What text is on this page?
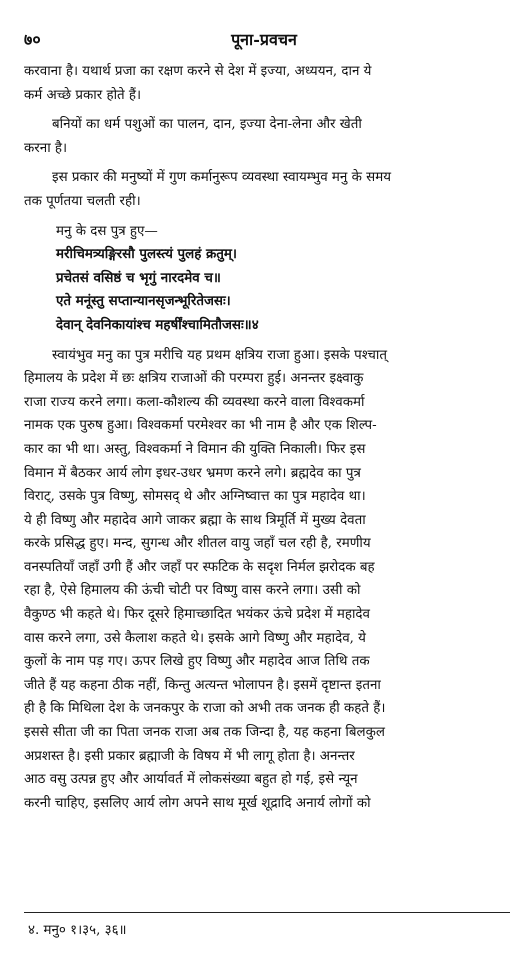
७०	पूना-प्रवचन
करवाना है। यथार्थ प्रजा का रक्षण करने से देश में इज्या, अध्ययन, दान ये
कर्म अच्छे प्रकार होते हैं।
बनियों का धर्म पशुओं का पालन, दान, इज्या देना-लेना और खेती
करना है।
इस प्रकार की मनुष्यों में गुण कर्मानुरूप व्यवस्था स्वायम्भुव मनु के समय
तक पूर्णतया चलती रही।
मनु के दस पुत्र हुए—
मरीचिमत्र्यङ्गिरसौ पुलस्त्यं पुलहं क्रतुम्।
प्रचेतसं वसिष्ठं च भृगुं नारदमेव च॥
एते मनूंस्तु सप्तान्यानसृजन्भूरितेजसः।
देवान् देवनिकायांश्च महर्षींश्चामितौजसः॥४
स्वायंभुव मनु का पुत्र मरीचि यह प्रथम क्षत्रिय राजा हुआ। इसके पश्चात्
हिमालय के प्रदेश में छः क्षत्रिय राजाओं की परम्परा हुई। अनन्तर इक्ष्वाकु
राजा राज्य करने लगा। कला-कौशल्य की व्यवस्था करने वाला विश्वकर्मा
नामक एक पुरुष हुआ। विश्वकर्मा परमेश्वर का भी नाम है और एक शिल्प-
कार का भी था। अस्तु, विश्वकर्मा ने विमान की युक्ति निकाली। फिर इस
विमान में बैठकर आर्य लोग इधर-उधर भ्रमण करने लगे। ब्रह्मदेव का पुत्र
विराट्, उसके पुत्र विष्णु, सोमसद् थे और अग्निष्वात्त का पुत्र महादेव था।
ये ही विष्णु और महादेव आगे जाकर ब्रह्मा के साथ त्रिमूर्ति में मुख्य देवता
करके प्रसिद्ध हुए। मन्द, सुगन्ध और शीतल वायु जहाँ चल रही है, रमणीय
वनस्पतियाँ जहाँ उगी हैं और जहाँ पर स्फटिक के सदृश निर्मल झरोदक बह
रहा है, ऐसे हिमालय की ऊंची चोटी पर विष्णु वास करने लगा। उसी को
वैकुण्ठ भी कहते थे। फिर दूसरे हिमाच्छादित भयंकर ऊंचे प्रदेश में महादेव
वास करने लगा, उसे कैलाश कहते थे। इसके आगे विष्णु और महादेव, ये
कुलों के नाम पड़ गए। ऊपर लिखे हुए विष्णु और महादेव आज तिथि तक
जीते हैं यह कहना ठीक नहीं, किन्तु अत्यन्त भोलापन है। इसमें दृष्टान्त इतना
ही है कि मिथिला देश के जनकपुर के राजा को अभी तक जनक ही कहते हैं।
इससे सीता जी का पिता जनक राजा अब तक जिन्दा है, यह कहना बिलकुल
अप्रशस्त है। इसी प्रकार ब्रह्माजी के विषय में भी लागू होता है। अनन्तर
आठ वसु उत्पन्न हुए और आर्यावर्त में लोकसंख्या बहुत हो गई, इसे न्यून
करनी चाहिए, इसलिए आर्य लोग अपने साथ मूर्ख शूद्रादि अनार्य लोगों को
४. मनु० १।३५, ३६॥
